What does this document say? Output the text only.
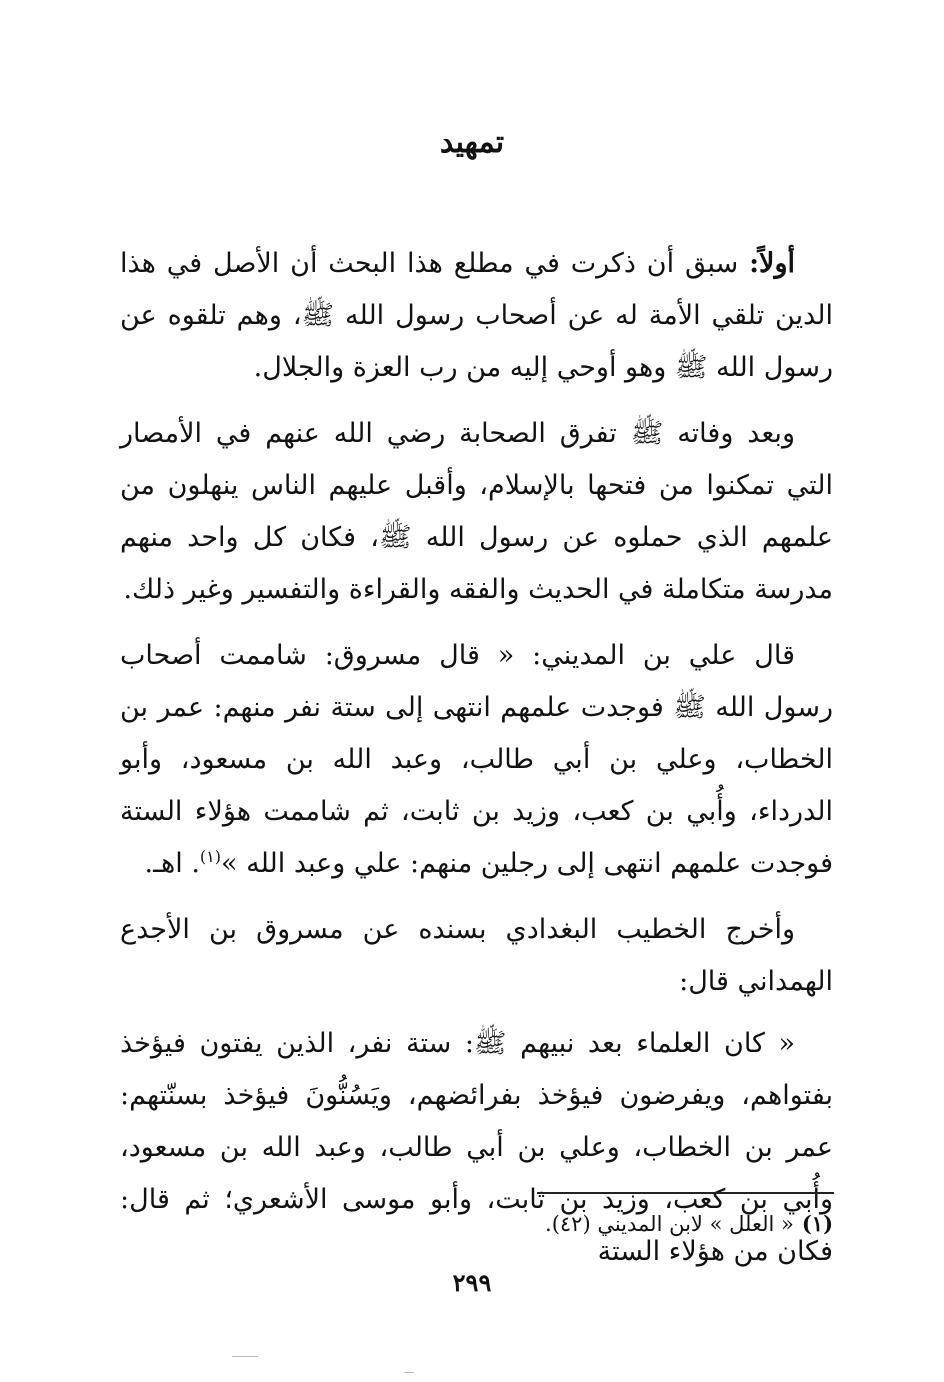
تمهيد

أولاً: سبق أن ذكرت في مطلع هذا البحث أن الأصل في هذا الدين تلقي الأمة له عن أصحاب رسول الله ﷺ، وهم تلقوه عن رسول الله ﷺ وهو أوحي إليه من رب العزة والجلال.

وبعد وفاته ﷺ تفرق الصحابة رضي الله عنهم في الأمصار التي تمكنوا من فتحها بالإسلام، وأقبل عليهم الناس ينهلون من علمهم الذي حملوه عن رسول الله ﷺ، فكان كل واحد منهم مدرسة متكاملة في الحديث والفقه والقراءة والتفسير وغير ذلك.

قال علي بن المديني: « قال مسروق: شاممت أصحاب رسول الله ﷺ فوجدت علمهم انتهى إلى ستة نفر منهم: عمر بن الخطاب، وعلي بن أبي طالب، وعبد الله بن مسعود، وأبو الدرداء، وأُبي بن كعب، وزيد بن ثابت، ثم شاممت هؤلاء الستة فوجدت علمهم انتهى إلى رجلين منهم: علي وعبد الله »$^{(١)}$. اهـ.

وأخرج الخطيب البغدادي بسنده عن مسروق بن الأجدع الهمداني قال:

« كان العلماء بعد نبيهم ﷺ: ستة نفر، الذين يفتون فيؤخذ بفتواهم، ويفرضون فيؤخذ بفرائضهم، ويَسُنُّونَ فيؤخذ بسنّتهم: عمر بن الخطاب، وعلي بن أبي طالب، وعبد الله بن مسعود، وأُبي بن كعب، وزيد بن ثابت، وأبو موسى الأشعري؛ ثم قال: فكان من هؤلاء الستة

(١)« العلل » لابن المديني (٤٢).
٢٩٩
